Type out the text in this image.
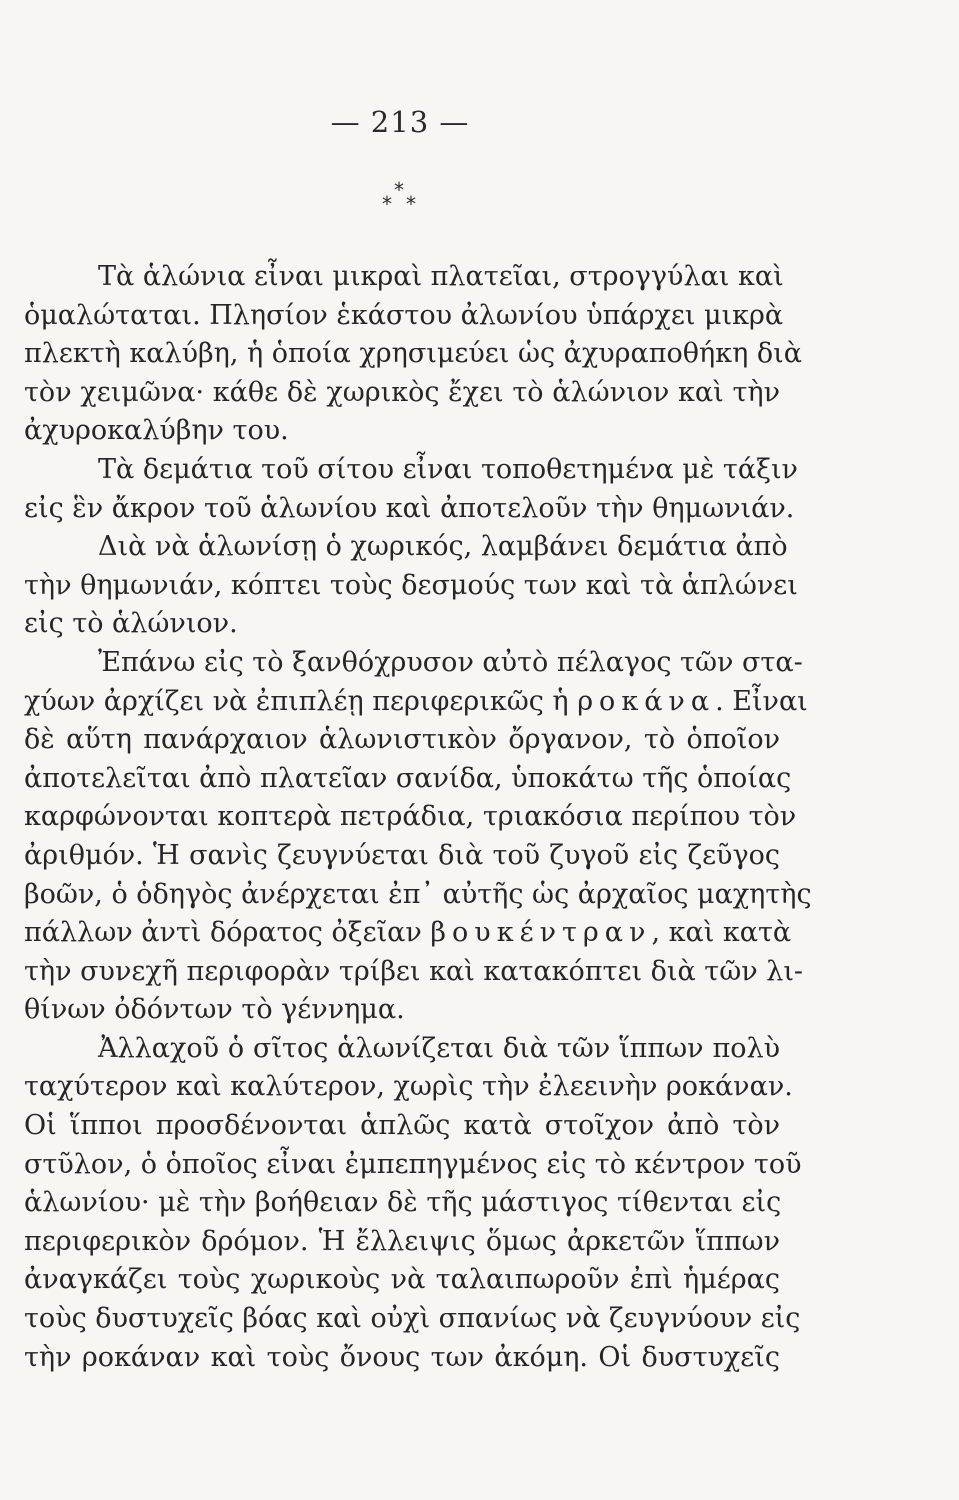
— 213 —
*
* *
Τὰ ἁλώνια εἶναι μικραὶ πλατεῖαι, στρογγύλαι καὶ
ὁμαλώταται. Πλησίον ἑκάστου ἀλωνίου ὑπάρχει μικρὰ
πλεκτὴ καλύβη, ἡ ὁποία χρησιμεύει ὡς ἀχυραποθήκη διὰ
τὸν χειμῶνα· κάθε δὲ χωρικὸς ἔχει τὸ ἁλώνιον καὶ τὴν
ἀχυροκαλύβην του.
Τὰ δεμάτια τοῦ σίτου εἶναι τοποθετημένα μὲ τάξιν
εἰς ἓν ἄκρον τοῦ ἁλωνίου καὶ ἀποτελοῦν τὴν θημωνιάν.
Διὰ νὰ ἁλωνίσῃ ὁ χωρικός, λαμβάνει δεμάτια ἀπὸ
τὴν θημωνιάν, κόπτει τοὺς δεσμούς των καὶ τὰ ἁπλώνει
εἰς τὸ ἁλώνιον.
Ἐπάνω εἰς τὸ ξανθόχρυσον αὐτὸ πέλαγος τῶν στα-
χύων ἀρχίζει νὰ ἐπιπλέῃ περιφερικῶς ἡ ροκάνα. Εἶναι
δὲ αὕτη πανάρχαιον ἁλωνιστικὸν ὄργανον, τὸ ὁποῖον
ἀποτελεῖται ἀπὸ πλατεῖαν σανίδα, ὑποκάτω τῆς ὁποίας
καρφώνονται κοπτερὰ πετράδια, τριακόσια περίπου τὸν
ἀριθμόν. Ἡ σανὶς ζευγνύεται διὰ τοῦ ζυγοῦ εἰς ζεῦγος
βοῶν, ὁ ὁδηγὸς ἀνέρχεται ἐπ᾽ αὐτῆς ὡς ἀρχαῖος μαχητὴς
πάλλων ἀντὶ δόρατος ὀξεῖαν βουκέντραν, καὶ κατὰ
τὴν συνεχῆ περιφορὰν τρίβει καὶ κατακόπτει διὰ τῶν λι-
θίνων ὀδόντων τὸ γέννημα.
Ἀλλαχοῦ ὁ σῖτος ἁλωνίζεται διὰ τῶν ἵππων πολὺ
ταχύτερον καὶ καλύτερον, χωρὶς τὴν ἐλεεινὴν ροκάναν.
Οἱ ἵπποι προσδένονται ἁπλῶς κατὰ στοῖχον ἀπὸ τὸν
στῦλον, ὁ ὁποῖος εἶναι ἐμπεπηγμένος εἰς τὸ κέντρον τοῦ
ἁλωνίου· μὲ τὴν βοήθειαν δὲ τῆς μάστιγος τίθενται εἰς
περιφερικὸν δρόμον. Ἡ ἔλλειψις ὅμως ἀρκετῶν ἵππων
ἀναγκάζει τοὺς χωρικοὺς νὰ ταλαιπωροῦν ἐπὶ ἡμέρας
τοὺς δυστυχεῖς βόας καὶ οὐχὶ σπανίως νὰ ζευγνύουν εἰς
τὴν ροκάναν καὶ τοὺς ὄνους των ἀκόμη. Οἱ δυστυχεῖς
